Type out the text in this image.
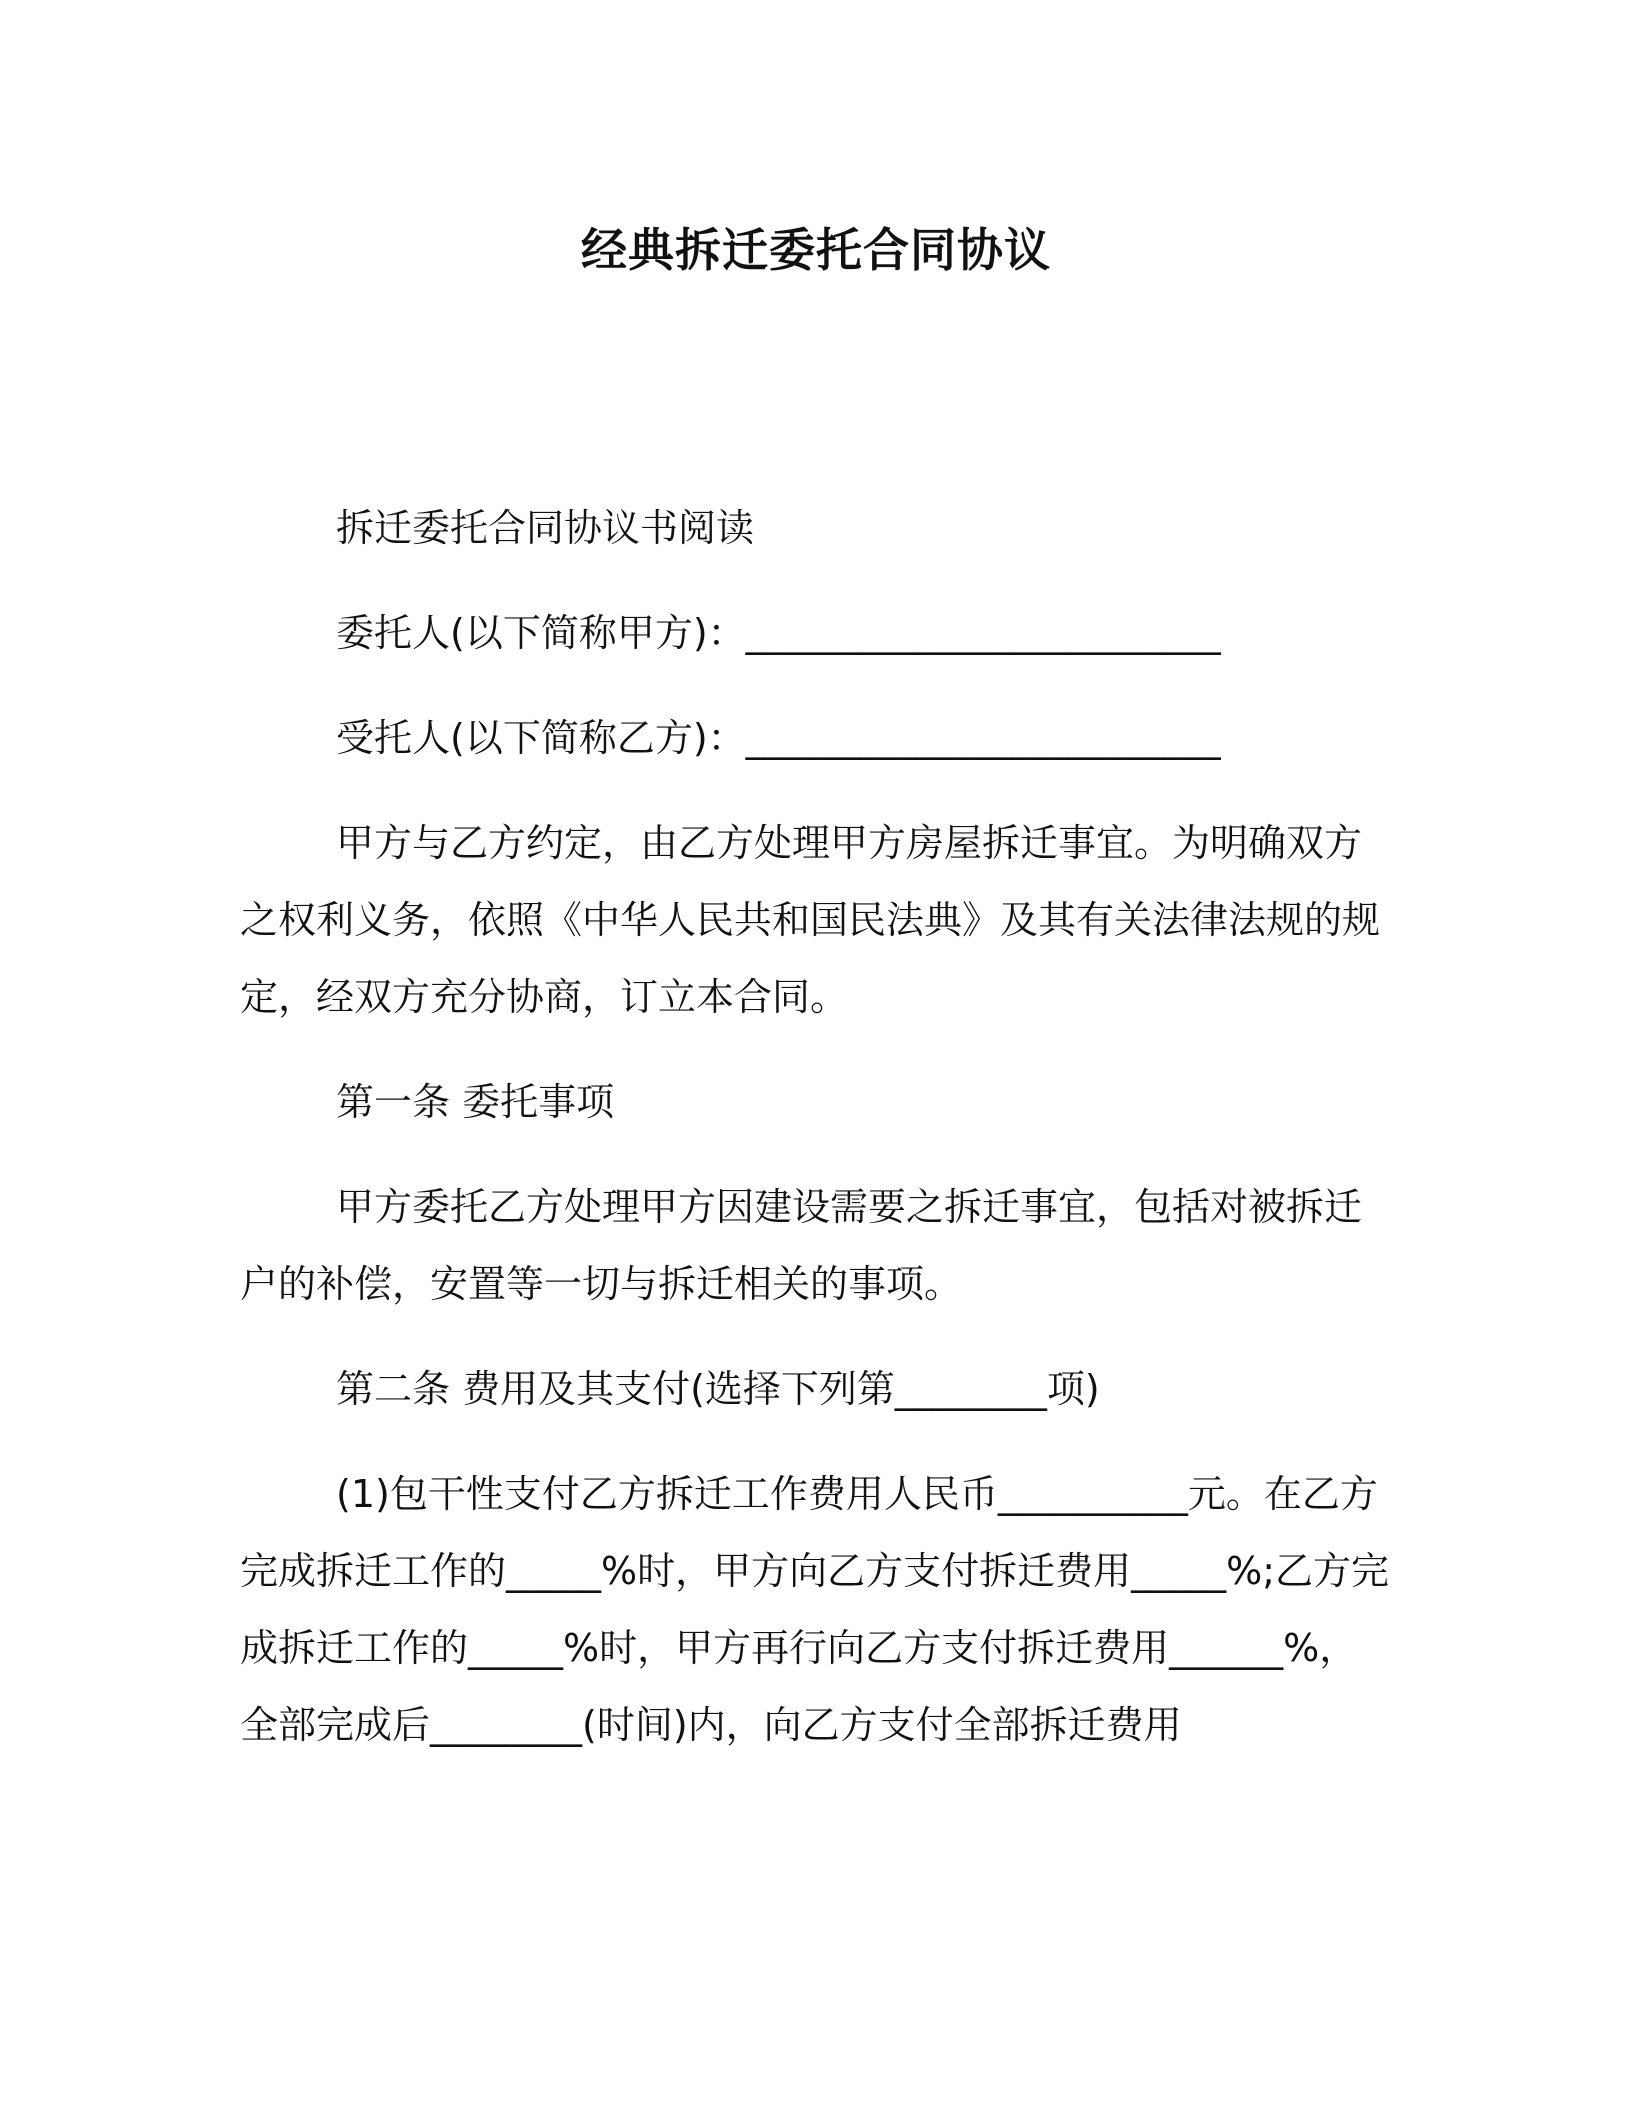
经典拆迁委托合同协议

拆迁委托合同协议书阅读

委托人(以下简称甲方)：_________________________

受托人(以下简称乙方)：_________________________

甲方与乙方约定，由乙方处理甲方房屋拆迁事宜。为明确双方之权利义务，依照《中华人民共和国民法典》及其有关法律法规的规定，经双方充分协商，订立本合同。

第一条 委托事项

甲方委托乙方处理甲方因建设需要之拆迁事宜，包括对被拆迁户的补偿，安置等一切与拆迁相关的事项。

第二条 费用及其支付(选择下列第________项)

(1)包干性支付乙方拆迁工作费用人民币__________元。在乙方完成拆迁工作的_____%时，甲方向乙方支付拆迁费用_____%;乙方完成拆迁工作的_____%时，甲方再行向乙方支付拆迁费用______%，全部完成后________(时间)内，向乙方支付全部拆迁费用
